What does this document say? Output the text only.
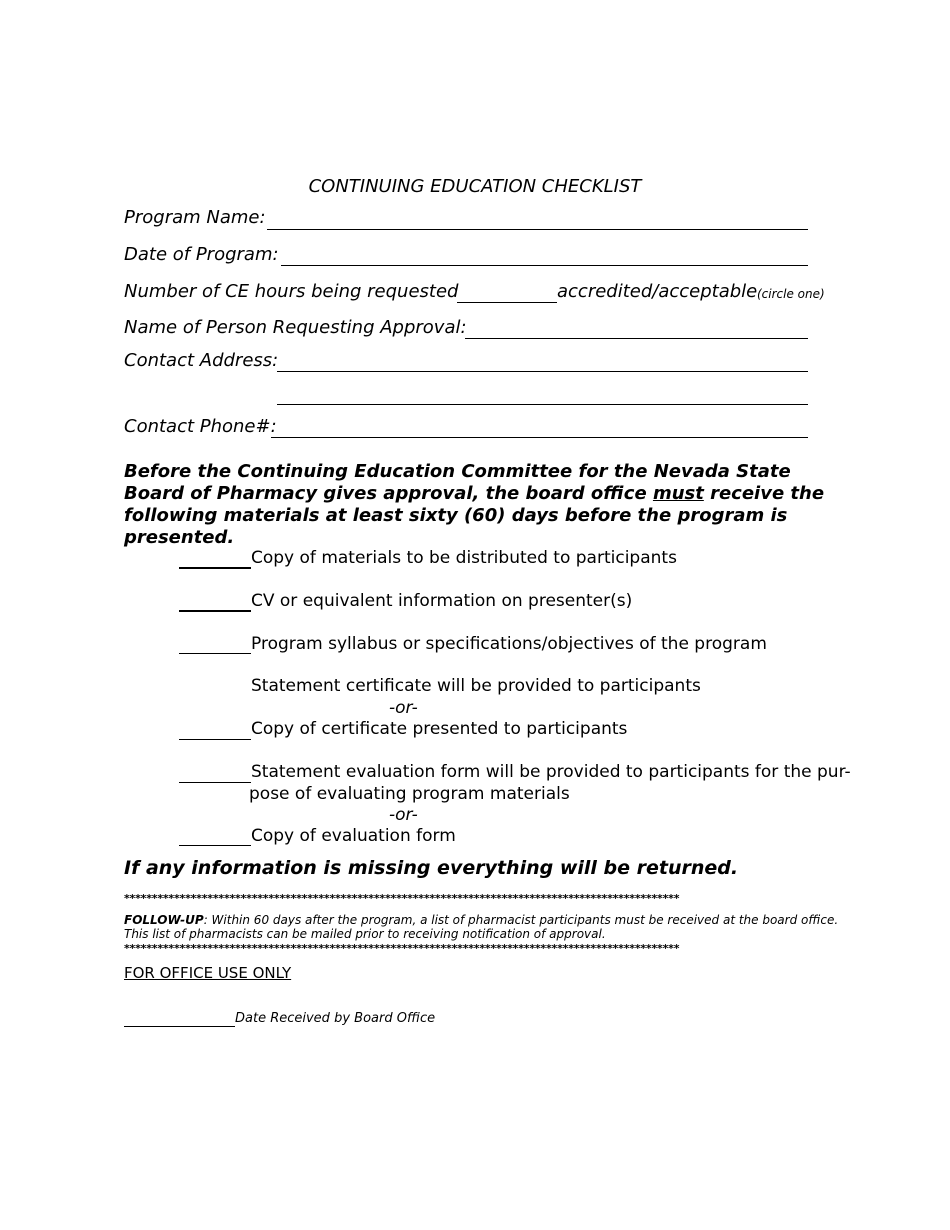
CONTINUING EDUCATION CHECKLIST
Program Name:
Date of Program:
Number of CE hours being requested	accredited/acceptable (circle one)
Name of Person Requesting Approval:
Contact Address:
Contact Phone#:
Before the Continuing Education Committee for the Nevada State Board of Pharmacy gives approval, the board office must receive the following materials at least sixty (60) days before the program is presented.
Copy of materials to be distributed to participants
CV or equivalent information on presenter(s)
Program syllabus or specifications/objectives of the program
Statement certificate will be provided to participants
-or-
Copy of certificate presented to participants
Statement evaluation form will be provided to participants for the pur-
pose of evaluating program materials
-or-
Copy of evaluation form
If any information is missing everything will be returned.
****************************************************************************************************
FOLLOW-UP: Within 60 days after the program, a list of pharmacist participants must be received at the board office. This list of pharmacists can be mailed prior to receiving notification of approval.
****************************************************************************************************
FOR OFFICE USE ONLY
Date Received by Board Office
